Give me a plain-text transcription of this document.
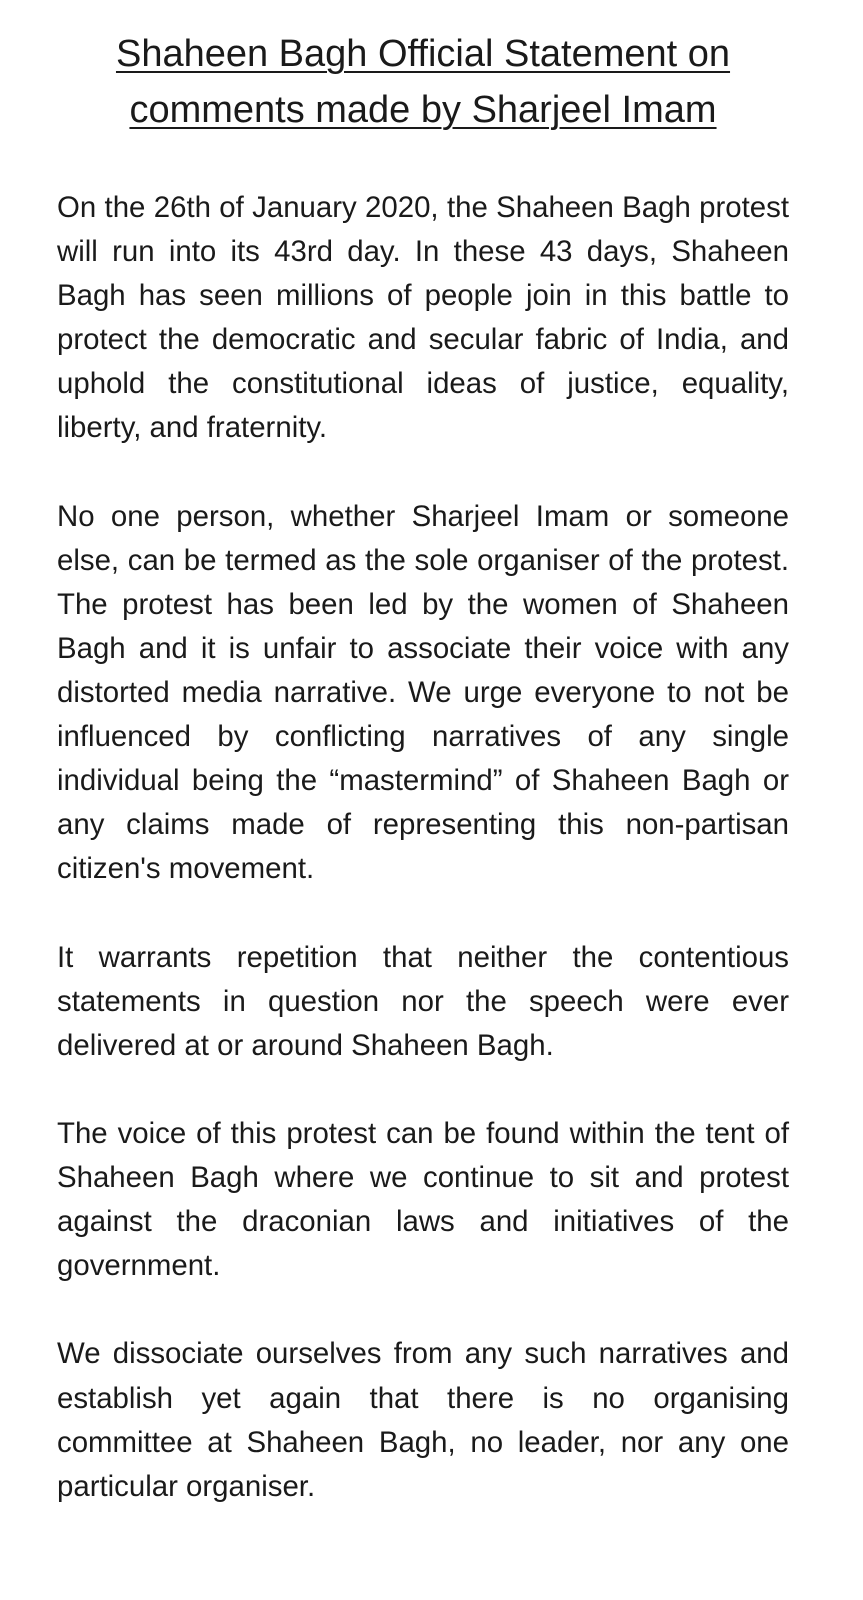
Shaheen Bagh Official Statement on
comments made by Sharjeel Imam

On the 26th of January 2020, the Shaheen Bagh protest will run into its 43rd day. In these 43 days, Shaheen Bagh has seen millions of people join in this battle to protect the democratic and secular fabric of India, and uphold the constitutional ideas of justice, equality, liberty, and fraternity.

No one person, whether Sharjeel Imam or someone else, can be termed as the sole organiser of the protest. The protest has been led by the women of Shaheen Bagh and it is unfair to associate their voice with any distorted media narrative. We urge everyone to not be influenced by conflicting narratives of any single individual being the “mastermind” of Shaheen Bagh or any claims made of representing this non-partisan citizen's movement.

It warrants repetition that neither the contentious statements in question nor the speech were ever delivered at or around Shaheen Bagh.

The voice of this protest can be found within the tent of Shaheen Bagh where we continue to sit and protest against the draconian laws and initiatives of the government.

We dissociate ourselves from any such narratives and establish yet again that there is no organising committee at Shaheen Bagh, no leader, nor any one particular organiser.
